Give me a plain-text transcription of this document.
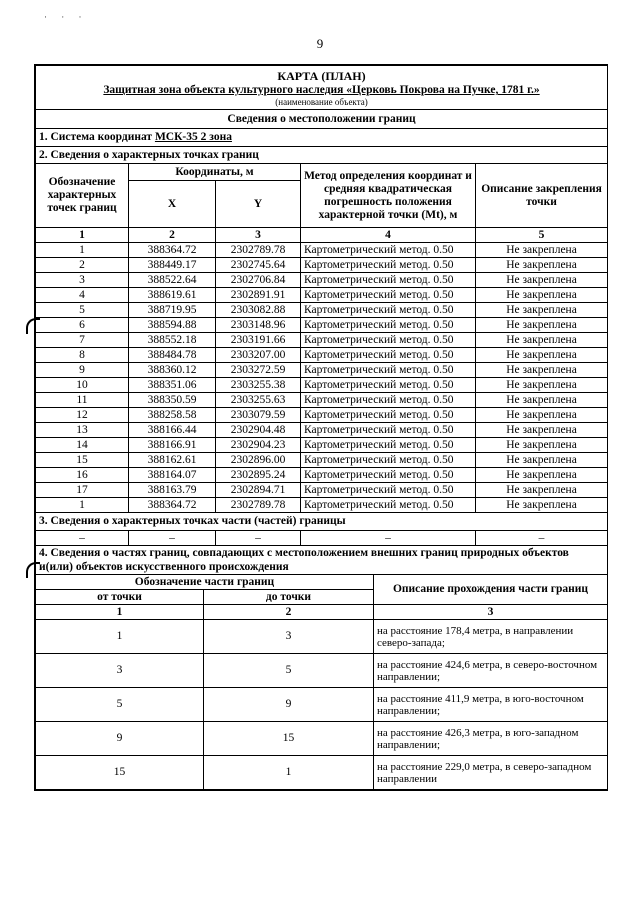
· · ·
9
КАРТА (ПЛАН)
Защитная зона объекта культурного наследия «Церковь Покрова на Пучке, 1781 г.»
(наименование объекта)				

Сведения о местоположении границ				
1. Система координат МСК-35 2 зона				
2. Сведения о характерных точках границ				
Обозначение характерных точек границ	Координаты, м		Метод определения координат и средняя квадратическая погрешность положения характерной точки (Mt), м	Описание закрепления точки
	X	Y		
1	2	3	4	5
1	388364.72	2302789.78	Картометрический метод. 0.50	Не закреплена
2	388449.17	2302745.64	Картометрический метод. 0.50	Не закреплена
3	388522.64	2302706.84	Картометрический метод. 0.50	Не закреплена
4	388619.61	2302891.91	Картометрический метод. 0.50	Не закреплена
5	388719.95	2303082.88	Картометрический метод. 0.50	Не закреплена
6	388594.88	2303148.96	Картометрический метод. 0.50	Не закреплена
7	388552.18	2303191.66	Картометрический метод. 0.50	Не закреплена
8	388484.78	2303207.00	Картометрический метод. 0.50	Не закреплена
9	388360.12	2303272.59	Картометрический метод. 0.50	Не закреплена
10	388351.06	2303255.38	Картометрический метод. 0.50	Не закреплена
11	388350.59	2303255.63	Картометрический метод. 0.50	Не закреплена
12	388258.58	2303079.59	Картометрический метод. 0.50	Не закреплена
13	388166.44	2302904.48	Картометрический метод. 0.50	Не закреплена
14	388166.91	2302904.23	Картометрический метод. 0.50	Не закреплена
15	388162.61	2302896.00	Картометрический метод. 0.50	Не закреплена
16	388164.07	2302895.24	Картометрический метод. 0.50	Не закреплена
17	388163.79	2302894.71	Картометрический метод. 0.50	Не закреплена
1	388364.72	2302789.78	Картометрический метод. 0.50	Не закреплена
3. Сведения о характерных точках части (частей) границы				
–	–	–	–	–
4. Сведения о частях границ, совпадающих с местоположением внешних границ природных объектов и(или) объектов искусственного происхождения		
Обозначение части границ		Описание прохождения части границ
от точки	до точки	
1	2	3
1	3	на расстояние 178,4 метра, в направлении северо-запада;
3	5	на расстояние 424,6 метра, в северо-восточном направлении;
5	9	на расстояние 411,9 метра, в юго-восточном направлении;
9	15	на расстояние 426,3 метра, в юго-западном направлении;
15	1	на расстояние 229,0 метра, в северо-западном направлении
